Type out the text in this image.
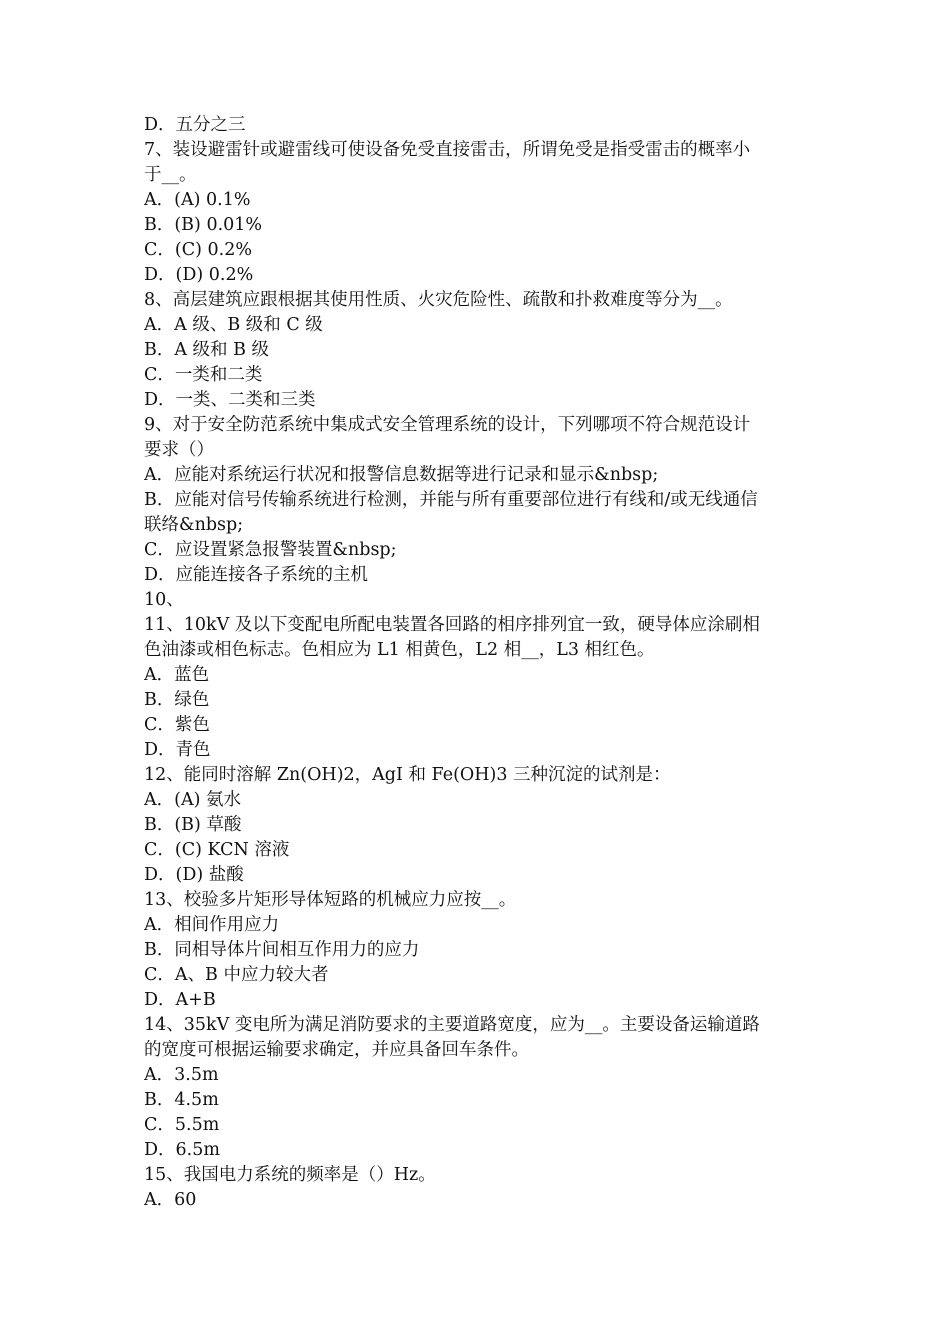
D．五分之三
7、装设避雷针或避雷线可使设备免受直接雷击，所谓免受是指受雷击的概率小
于__。
A．(A) 0.1%
B．(B) 0.01%
C．(C) 0.2%
D．(D) 0.2%
8、高层建筑应跟根据其使用性质、火灾危险性、疏散和扑救难度等分为__。
A．A 级、B 级和 C 级
B．A 级和 B 级
C．一类和二类
D．一类、二类和三类
9、对于安全防范系统中集成式安全管理系统的设计，下列哪项不符合规范设计
要求（）
A．应能对系统运行状况和报警信息数据等进行记录和显示&nbsp;
B．应能对信号传输系统进行检测，并能与所有重要部位进行有线和/或无线通信
联络&nbsp;
C．应设置紧急报警装置&nbsp;
D．应能连接各子系统的主机
10、
11、10kV 及以下变配电所配电装置各回路的相序排列宜一致，硬导体应涂刷相
色油漆或相色标志。色相应为 L1 相黄色，L2 相__，L3 相红色。
A．蓝色
B．绿色
C．紫色
D．青色
12、能同时溶解 Zn(OH)2，AgI 和 Fe(OH)3 三种沉淀的试剂是：
A．(A) 氨水
B．(B) 草酸
C．(C) KCN 溶液
D．(D) 盐酸
13、校验多片矩形导体短路的机械应力应按__。
A．相间作用应力
B．同相导体片间相互作用力的应力
C．A、B 中应力较大者
D．A+B
14、35kV 变电所为满足消防要求的主要道路宽度，应为__。主要设备运输道路
的宽度可根据运输要求确定，并应具备回车条件。
A．3.5m
B．4.5m
C．5.5m
D．6.5m
15、我国电力系统的频率是（）Hz。
A．60
